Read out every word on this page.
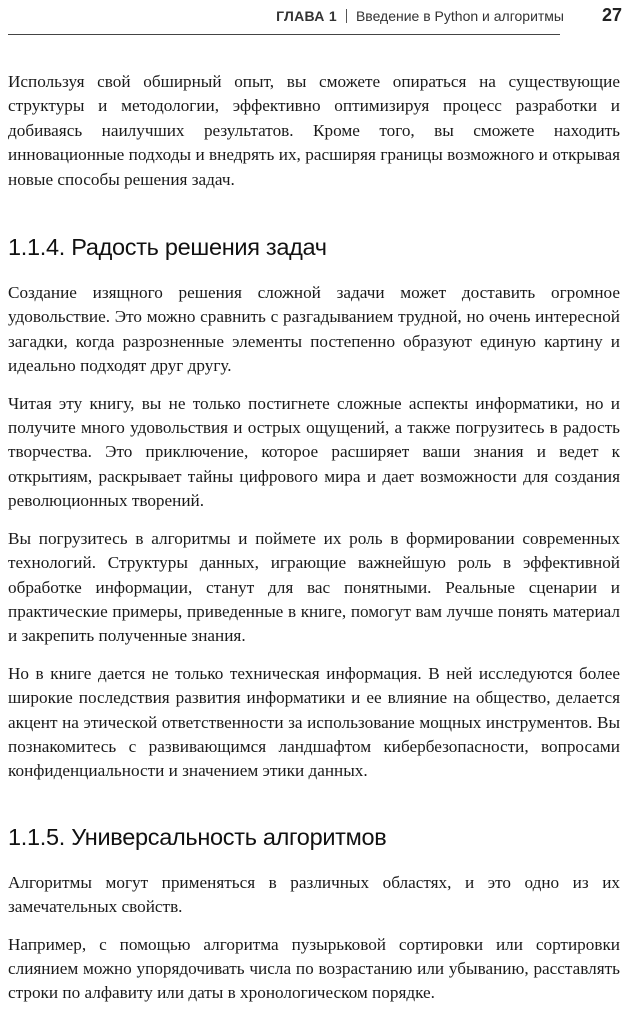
ГЛАВА 1 Введение в Python и алгоритмы 27

Используя свой обширный опыт, вы сможете опираться на существующие структуры и методологии, эффективно оптимизируя процесс разработки и добиваясь наилучших результатов. Кроме того, вы сможете находить инновационные подходы и внедрять их, расширяя границы возможного и открывая новые способы решения задач.

1.1.4. Радость решения задач

Создание изящного решения сложной задачи может доставить огромное удовольствие. Это можно сравнить с разгадыванием трудной, но очень интересной загадки, когда разрозненные элементы постепенно образуют единую картину и идеально подходят друг другу.

Читая эту книгу, вы не только постигнете сложные аспекты информатики, но и получите много удовольствия и острых ощущений, а также погрузитесь в радость творчества. Это приключение, которое расширяет ваши знания и ведет к открытиям, раскрывает тайны цифрового мира и дает возможности для создания революционных творений.

Вы погрузитесь в алгоритмы и поймете их роль в формировании современных технологий. Структуры данных, играющие важнейшую роль в эффективной обработке информации, станут для вас понятными. Реальные сценарии и практические примеры, приведенные в книге, помогут вам лучше понять материал и закрепить полученные знания.

Но в книге дается не только техническая информация. В ней исследуются более широкие последствия развития информатики и ее влияние на общество, делается акцент на этической ответственности за использование мощных инструментов. Вы познакомитесь с развивающимся ландшафтом кибербезопасности, вопросами конфиденциальности и значением этики данных.

1.1.5. Универсальность алгоритмов

Алгоритмы могут применяться в различных областях, и это одно из их замечательных свойств.

Например, с помощью алгоритма пузырьковой сортировки или сортировки слиянием можно упорядочивать числа по возрастанию или убыванию, расставлять строки по алфавиту или даты в хронологическом порядке.
